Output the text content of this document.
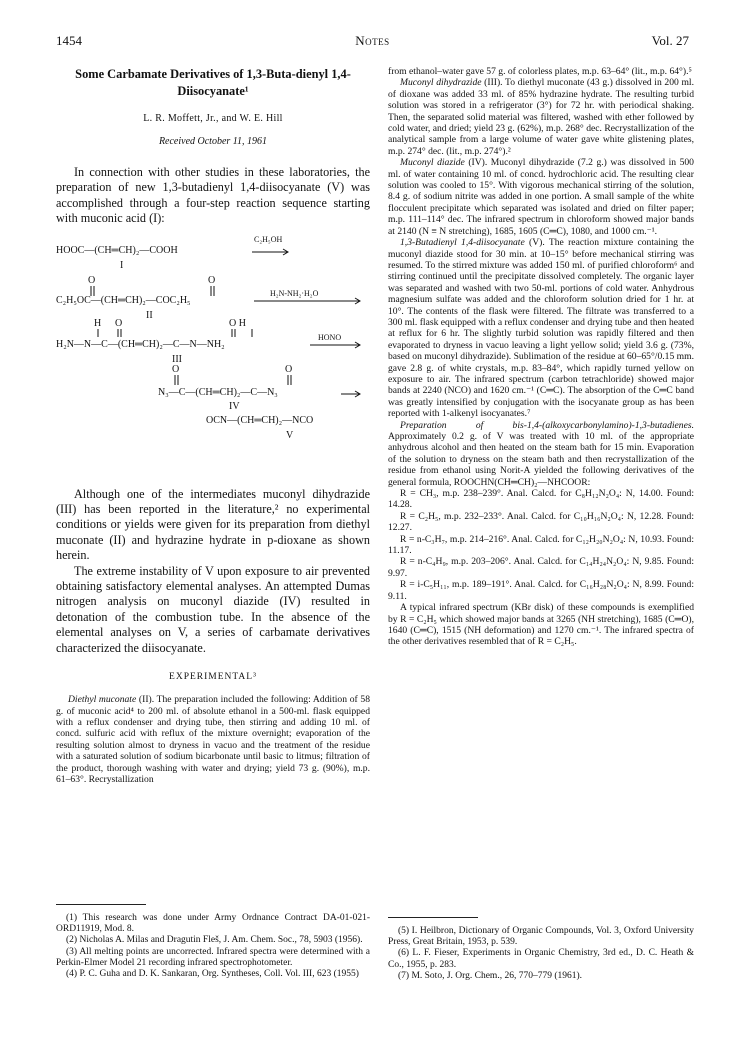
1454	Notes	Vol. 27
Some Carbamate Derivatives of 1,3-Buta-dienyl 1,4-Diisocyanate¹
L. R. Moffett, Jr., and W. E. Hill
Received October 11, 1961

In connection with other studies in these laboratories, the preparation of new 1,3-butadienyl 1,4-diisocyanate (V) was accomplished through a four-step reaction sequence starting with muconic acid (I):

C₂H₅OH
HOOC—(CH═CH)₂—COOH
I
O	O
H₂N-NH₂·H₂O
C₂H₅OC—(CH═CH)₂—COC₂H₅
II
H O	O H
HONO
H₂N—N—C—(CH═CH)₂—C—N—NH₂
III
O	O
N₃—C—(CH═CH)₂—C—N₃
IV
OCN—(CH═CH)₂—NCO
V

Although one of the intermediates muconyl dihydrazide (III) has been reported in the literature,² no experimental conditions or yields were given for its preparation from diethyl muconate (II) and hydrazine hydrate in p-dioxane as shown herein.

The extreme instability of V upon exposure to air prevented obtaining satisfactory elemental analyses. An attempted Dumas nitrogen analysis on muconyl diazide (IV) resulted in detonation of the combustion tube. In the absence of the elemental analyses on V, a series of carbamate derivatives characterized the diisocyanate.

EXPERIMENTAL³

Diethyl muconate (II). The preparation included the following: Addition of 58 g. of muconic acid⁴ to 200 ml. of absolute ethanol in a 500-ml. flask equipped with a reflux condenser and drying tube, then stirring and adding 10 ml. of concd. sulfuric acid with reflux of the mixture overnight; evaporation of the resulting solution almost to dryness in vacuo and the treatment of the residue with a saturated solution of sodium bicarbonate until basic to litmus; filtration of the product, thorough washing with water and drying; yield 73 g. (90%), m.p. 61–63°. Recrystallization

(1) This research was done under Army Ordnance Contract DA-01-021-ORD11919, Mod. 8.

(2) Nicholas A. Milas and Dragutin Fleš, J. Am. Chem. Soc., 78, 5903 (1956).

(3) All melting points are uncorrected. Infrared spectra were determined with a Perkin-Elmer Model 21 recording infrared spectrophotometer.

(4) P. C. Guha and D. K. Sankaran, Org. Syntheses, Coll. Vol. III, 623 (1955)

from ethanol–water gave 57 g. of colorless plates, m.p. 63–64° (lit., m.p. 64°).⁵

Muconyl dihydrazide (III). To diethyl muconate (43 g.) dissolved in 200 ml. of dioxane was added 33 ml. of 85% hydrazine hydrate. The resulting turbid solution was stored in a refrigerator (3°) for 72 hr. with periodical shaking. Then, the separated solid material was filtered, washed with ether followed by cold water, and dried; yield 23 g. (62%), m.p. 268° dec. Recrystallization of the analytical sample from a large volume of water gave white glistening plates, m.p. 274° dec. (lit., m.p. 274°).²

Muconyl diazide (IV). Muconyl dihydrazide (7.2 g.) was dissolved in 500 ml. of water containing 10 ml. of concd. hydrochloric acid. The resulting clear solution was cooled to 15°. With vigorous mechanical stirring of the solution, 8.4 g. of sodium nitrite was added in one portion. A small sample of the white flocculent precipitate which separated was isolated and dried on filter paper; m.p. 111–114° dec. The infrared spectrum in chloroform showed major bands at 2140 (N ≡ N stretching), 1685, 1605 (C═C), 1080, and 1000 cm.⁻¹.

1,3-Butadienyl 1,4-diisocyanate (V). The reaction mixture containing the muconyl diazide stood for 30 min. at 10–15° before mechanical stirring was resumed. To the stirred mixture was added 150 ml. of purified chloroform⁶ and stirring continued until the precipitate dissolved completely. The organic layer was separated and washed with two 50-ml. portions of cold water. Anhydrous magnesium sulfate was added and the chloroform solution dried for 1 hr. at 10°. The contents of the flask were filtered. The filtrate was transferred to a 300 ml. flask equipped with a reflux condenser and drying tube and then heated at reflux for 6 hr. The slightly turbid solution was rapidly filtered and then evaporated to dryness in vacuo leaving a light yellow solid; yield 3.6 g. (73%, based on muconyl dihydrazide). Sublimation of the residue at 60–65°/0.15 mm. gave 2.8 g. of white crystals, m.p. 83–84°, which rapidly turned yellow on exposure to air. The infrared spectrum (carbon tetrachloride) showed major bands at 2240 (NCO) and 1620 cm.⁻¹ (C═C). The absorption of the C═C band was greatly intensified by conjugation with the isocyanate group as has been reported with 1-alkenyl isocyanates.⁷

Preparation of bis-1,4-(alkoxycarbonylamino)-1,3-butadienes. Approximately 0.2 g. of V was treated with 10 ml. of the appropriate anhydrous alcohol and then heated on the steam bath for 15 min. Evaporation of the solution to dryness on the steam bath and then recrystallization of the residue from ethanol using Norit-A yielded the following derivatives of the general formula, ROOCHN(CH═CH)₂—NHCOOR:

R = CH₃, m.p. 238–239°. Anal. Calcd. for C₈H₁₂N₂O₄: N, 14.00. Found: 14.28.

R = C₂H₅, m.p. 232–233°. Anal. Calcd. for C₁₀H₁₆N₂O₄: N, 12.28. Found: 12.27.

R = n-C₃H₇, m.p. 214–216°. Anal. Calcd. for C₁₂H₂₀N₂O₄: N, 10.93. Found: 11.17.

R = n-C₄H₉, m.p. 203–206°. Anal. Calcd. for C₁₄H₂₄N₂O₄: N, 9.85. Found: 9.97.

R = i-C₅H₁₁, m.p. 189–191°. Anal. Calcd. for C₁₆H₂₈N₂O₄: N, 8.99. Found: 9.11.

A typical infrared spectrum (KBr disk) of these compounds is exemplified by R = C₂H₅ which showed major bands at 3265 (NH stretching), 1685 (C═O), 1640 (C═C), 1515 (NH deformation) and 1270 cm.⁻¹. The infrared spectra of the other derivatives resembled that of R = C₂H₅.

(5) I. Heilbron, Dictionary of Organic Compounds, Vol. 3, Oxford University Press, Great Britain, 1953, p. 539.

(6) L. F. Fieser, Experiments in Organic Chemistry, 3rd ed., D. C. Heath & Co., 1955, p. 283.

(7) M. Soto, J. Org. Chem., 26, 770–779 (1961).
